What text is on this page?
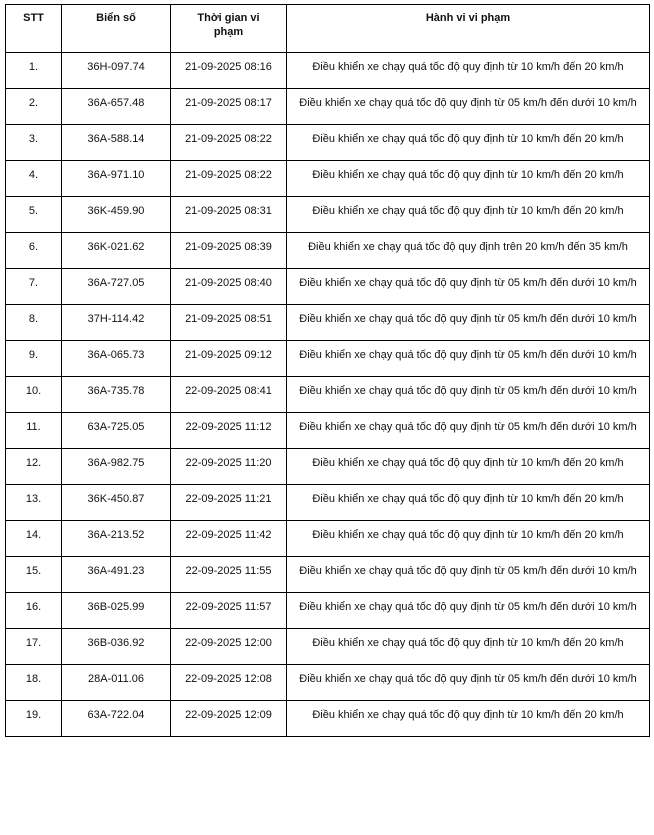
STT	Biển số	Thời gian vi phạm	Hành vi vi phạm
1.	36H-097.74	21-09-2025 08:16	Điều khiển xe chạy quá tốc độ quy định từ 10 km/h đến 20 km/h
2.	36A-657.48	21-09-2025 08:17	Điều khiển xe chạy quá tốc độ quy định từ 05 km/h đến dưới 10 km/h
3.	36A-588.14	21-09-2025 08:22	Điều khiển xe chạy quá tốc độ quy định từ 10 km/h đến 20 km/h
4.	36A-971.10	21-09-2025 08:22	Điều khiển xe chạy quá tốc độ quy định từ 10 km/h đến 20 km/h
5.	36K-459.90	21-09-2025 08:31	Điều khiển xe chạy quá tốc độ quy định từ 10 km/h đến 20 km/h
6.	36K-021.62	21-09-2025 08:39	Điều khiển xe chạy quá tốc độ quy định trên 20 km/h đến 35 km/h
7.	36A-727.05	21-09-2025 08:40	Điều khiển xe chạy quá tốc độ quy định từ 05 km/h đến dưới 10 km/h
8.	37H-114.42	21-09-2025 08:51	Điều khiển xe chạy quá tốc độ quy định từ 05 km/h đến dưới 10 km/h
9.	36A-065.73	21-09-2025 09:12	Điều khiển xe chạy quá tốc độ quy định từ 05 km/h đến dưới 10 km/h
10.	36A-735.78	22-09-2025 08:41	Điều khiển xe chạy quá tốc độ quy định từ 05 km/h đến dưới 10 km/h
11.	63A-725.05	22-09-2025 11:12	Điều khiển xe chạy quá tốc độ quy định từ 05 km/h đến dưới 10 km/h
12.	36A-982.75	22-09-2025 11:20	Điều khiển xe chạy quá tốc độ quy định từ 10 km/h đến 20 km/h
13.	36K-450.87	22-09-2025 11:21	Điều khiển xe chạy quá tốc độ quy định từ 10 km/h đến 20 km/h
14.	36A-213.52	22-09-2025 11:42	Điều khiển xe chạy quá tốc độ quy định từ 10 km/h đến 20 km/h
15.	36A-491.23	22-09-2025 11:55	Điều khiển xe chạy quá tốc độ quy định từ 05 km/h đến dưới 10 km/h
16.	36B-025.99	22-09-2025 11:57	Điều khiển xe chạy quá tốc độ quy định từ 05 km/h đến dưới 10 km/h
17.	36B-036.92	22-09-2025 12:00	Điều khiển xe chạy quá tốc độ quy định từ 10 km/h đến 20 km/h
18.	28A-011.06	22-09-2025 12:08	Điều khiển xe chạy quá tốc độ quy định từ 05 km/h đến dưới 10 km/h
19.	63A-722.04	22-09-2025 12:09	Điều khiển xe chạy quá tốc độ quy định từ 10 km/h đến 20 km/h
